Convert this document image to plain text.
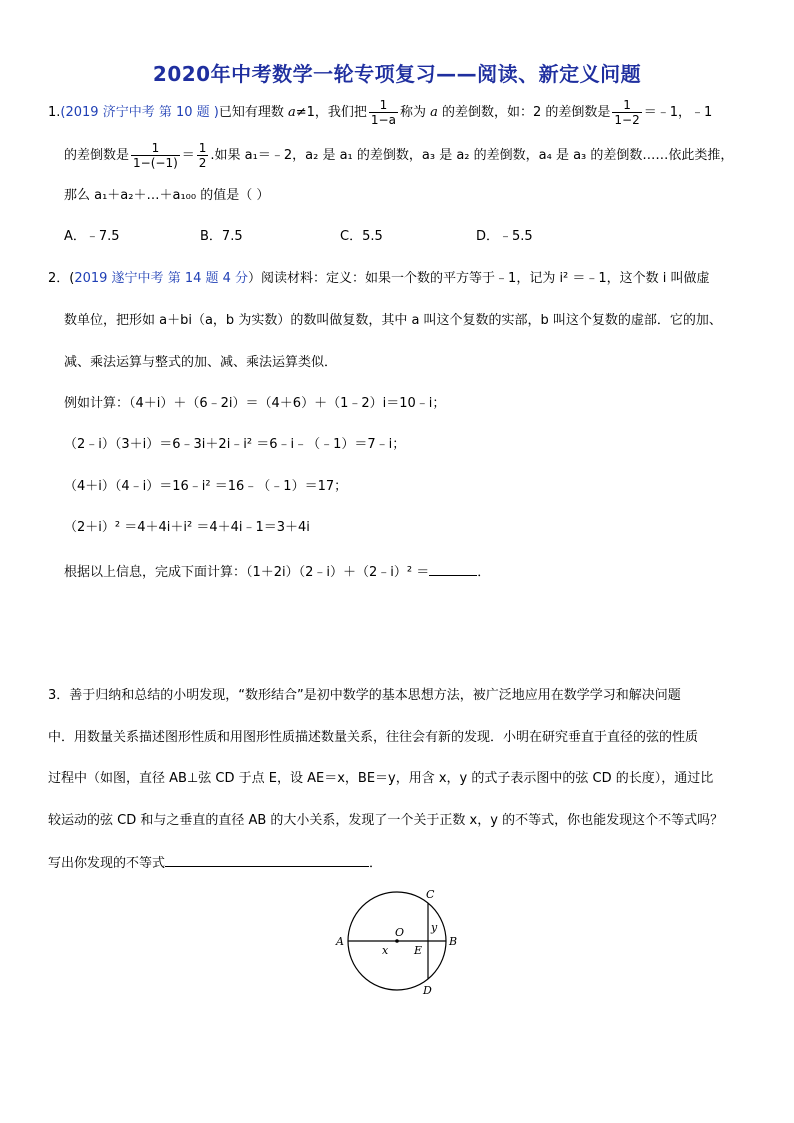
2020年中考数学一轮专项复习——阅读、新定义问题
1.(2019 济宁中考 第 10 题 )已知有理数 a≠1，我们把 $\frac{1}{1-a}$ 称为 a 的差倒数，如：2 的差倒数是 $\frac{1}{1-2}$ ＝﹣1，﹣1
的差倒数是 $\frac{1}{1-(-1)} = \frac{1}{2}$ .如果 a₁＝﹣2，a₂ 是 a₁ 的差倒数，a₃ 是 a₂ 的差倒数，a₄ 是 a₃ 的差倒数……依此类推，
那么 a₁＋a₂＋…＋a₁₀₀ 的值是（ ）
A．﹣7.5	B．7.5	C．5.5	D．﹣5.5
2．(2019 遂宁中考 第 14 题 4 分）阅读材料：定义：如果一个数的平方等于﹣1，记为 i² ＝﹣1，这个数 i 叫做虚
数单位，把形如 a＋bi（a，b 为实数）的数叫做复数，其中 a 叫这个复数的实部，b 叫这个复数的虚部．它的加、
减、乘法运算与整式的加、减、乘法运算类似．
例如计算：（4＋i）＋（6﹣2i）＝（4＋6）＋（1﹣2）i＝10﹣i；
（2﹣i）（3＋i）＝6﹣3i＋2i﹣i² ＝6﹣i﹣（﹣1）＝7﹣i；
（4＋i）（4﹣i）＝16﹣i² ＝16﹣（﹣1）＝17；
（2＋i）² ＝4＋4i＋i² ＝4＋4i﹣1＝3＋4i
根据以上信息，完成下面计算：（1＋2i）（2﹣i）＋（2﹣i）² ＝	．
3．善于归纳和总结的小明发现，“数形结合”是初中数学的基本思想方法，被广泛地应用在数学学习和解决问题
中．用数量关系描述图形性质和用图形性质描述数量关系，往往会有新的发现．小明在研究垂直于直径的弦的性质
过程中（如图，直径 AB⊥弦 CD 于点 E，设 AE＝x，BE＝y，用含 x，y 的式子表示图中的弦 CD 的长度），通过比
较运动的弦 CD 和与之垂直的直径 AB 的大小关系，发现了一个关于正数 x，y 的不等式，你也能发现这个不等式吗？
写出你发现的不等式	．
A	B
C
D
O
E
x
y
